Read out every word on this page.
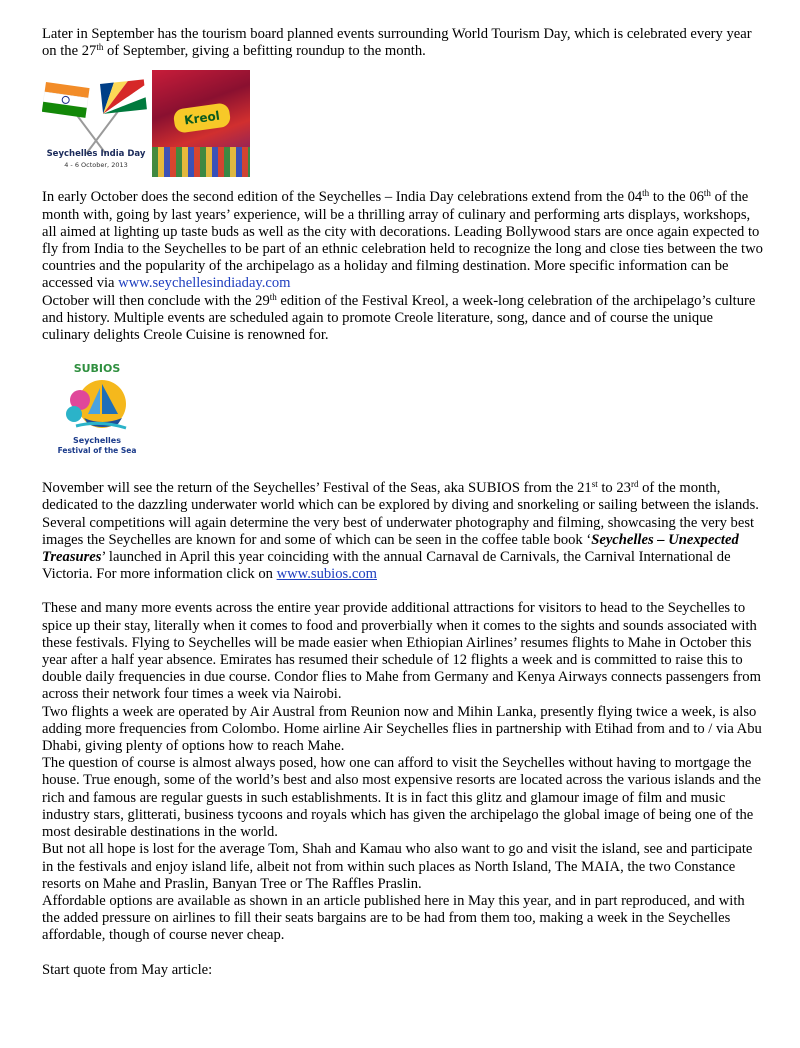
Later in September has the tourism board planned events surrounding World Tourism Day, which is celebrated every year on the 27th of September, giving a befitting roundup to the month.

Seychelles India Day
4 - 6 October, 2013
Kreol

In early October does the second edition of the Seychelles – India Day celebrations extend from the 04th to the 06th of the month with, going by last years’ experience, will be a thrilling array of culinary and performing arts displays, workshops, all aimed at lighting up taste buds as well as the city with decorations. Leading Bollywood stars are once again expected to fly from India to the Seychelles to be part of an ethnic celebration held to recognize the long and close ties between the two countries and the popularity of the archipelago as a holiday and filming destination. More specific information can be accessed via www.seychellesindiaday.com

October will then conclude with the 29th edition of the Festival Kreol, a week-long celebration of the archipelago’s culture and history. Multiple events are scheduled again to promote Creole literature, song, dance and of course the unique culinary delights Creole Cuisine is renowned for.

SUBIOS
Seychelles
Festival of the Sea

November will see the return of the Seychelles’ Festival of the Seas, aka SUBIOS from the 21st to 23rd of the month, dedicated to the dazzling underwater world which can be explored by diving and snorkeling or sailing between the islands. Several competitions will again determine the very best of underwater photography and filming, showcasing the very best images the Seychelles are known for and some of which can be seen in the coffee table book ‘Seychelles – Unexpected Treasures’ launched in April this year coinciding with the annual Carnaval de Carnivals, the Carnival International de Victoria. For more information click on www.subios.com

These and many more events across the entire year provide additional attractions for visitors to head to the Seychelles to spice up their stay, literally when it comes to food and proverbially when it comes to the sights and sounds associated with these festivals. Flying to Seychelles will be made easier when Ethiopian Airlines’ resumes flights to Mahe in October this year after a half year absence. Emirates has resumed their schedule of 12 flights a week and is committed to raise this to double daily frequencies in due course. Condor flies to Mahe from Germany and Kenya Airways connects passengers from across their network four times a week via Nairobi.

Two flights a week are operated by Air Austral from Reunion now and Mihin Lanka, presently flying twice a week, is also adding more frequencies from Colombo. Home airline Air Seychelles flies in partnership with Etihad from and to / via Abu Dhabi, giving plenty of options how to reach Mahe.

The question of course is almost always posed, how one can afford to visit the Seychelles without having to mortgage the house. True enough, some of the world’s best and also most expensive resorts are located across the various islands and the rich and famous are regular guests in such establishments. It is in fact this glitz and glamour image of film and music industry stars, glitterati, business tycoons and royals which has given the archipelago the global image of being one of the most desirable destinations in the world.

But not all hope is lost for the average Tom, Shah and Kamau who also want to go and visit the island, see and participate in the festivals and enjoy island life, albeit not from within such places as North Island, The MAIA, the two Constance resorts on Mahe and Praslin, Banyan Tree or The Raffles Praslin.

Affordable options are available as shown in an article published here in May this year, and in part reproduced, and with the added pressure on airlines to fill their seats bargains are to be had from them too, making a week in the Seychelles affordable, though of course never cheap.

Start quote from May article:
